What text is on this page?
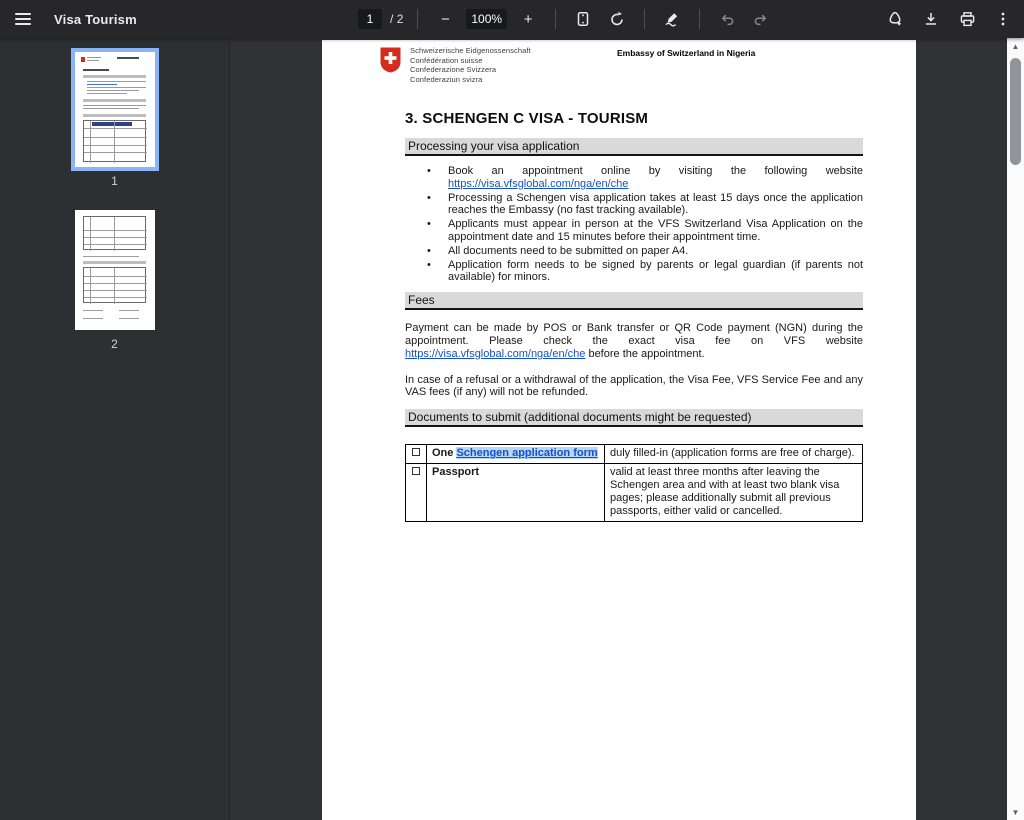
Visa Tourism	1	/ 2	−	100%	+
1
2
Schweizerische Eidgenossenschaft
Confédération suisse
Confederazione Svizzera
Confederaziun svizra
Embassy of Switzerland in Nigeria
3. SCHENGEN C VISA - TOURISM
Processing your visa application
• Book an appointment online by visiting the following website
https://visa.vfsglobal.com/nga/en/che
• Processing a Schengen visa application takes at least 15 days once the application reaches the Embassy (no fast tracking available).
• Applicants must appear in person at the VFS Switzerland Visa Application on the appointment date and 15 minutes before their appointment time.
• All documents need to be submitted on paper A4.
• Application form needs to be signed by parents or legal guardian (if parents not available) for minors.
Fees

Payment can be made by POS or Bank transfer or QR Code payment (NGN) during the appointment. Please check the exact visa fee on VFS website https://visa.vfsglobal.com/nga/en/che before the appointment.

In case of a refusal or a withdrawal of the application, the Visa Fee, VFS Service Fee and any VAS fees (if any) will not be refunded.

Documents to submit (additional documents might be requested)
	One Schengen application form	duly filled-in (application forms are free of charge).
	Passport	valid at least three months after leaving the Schengen area and with at least two blank visa pages; please additionally submit all previous passports, either valid or cancelled.
▲
▼
